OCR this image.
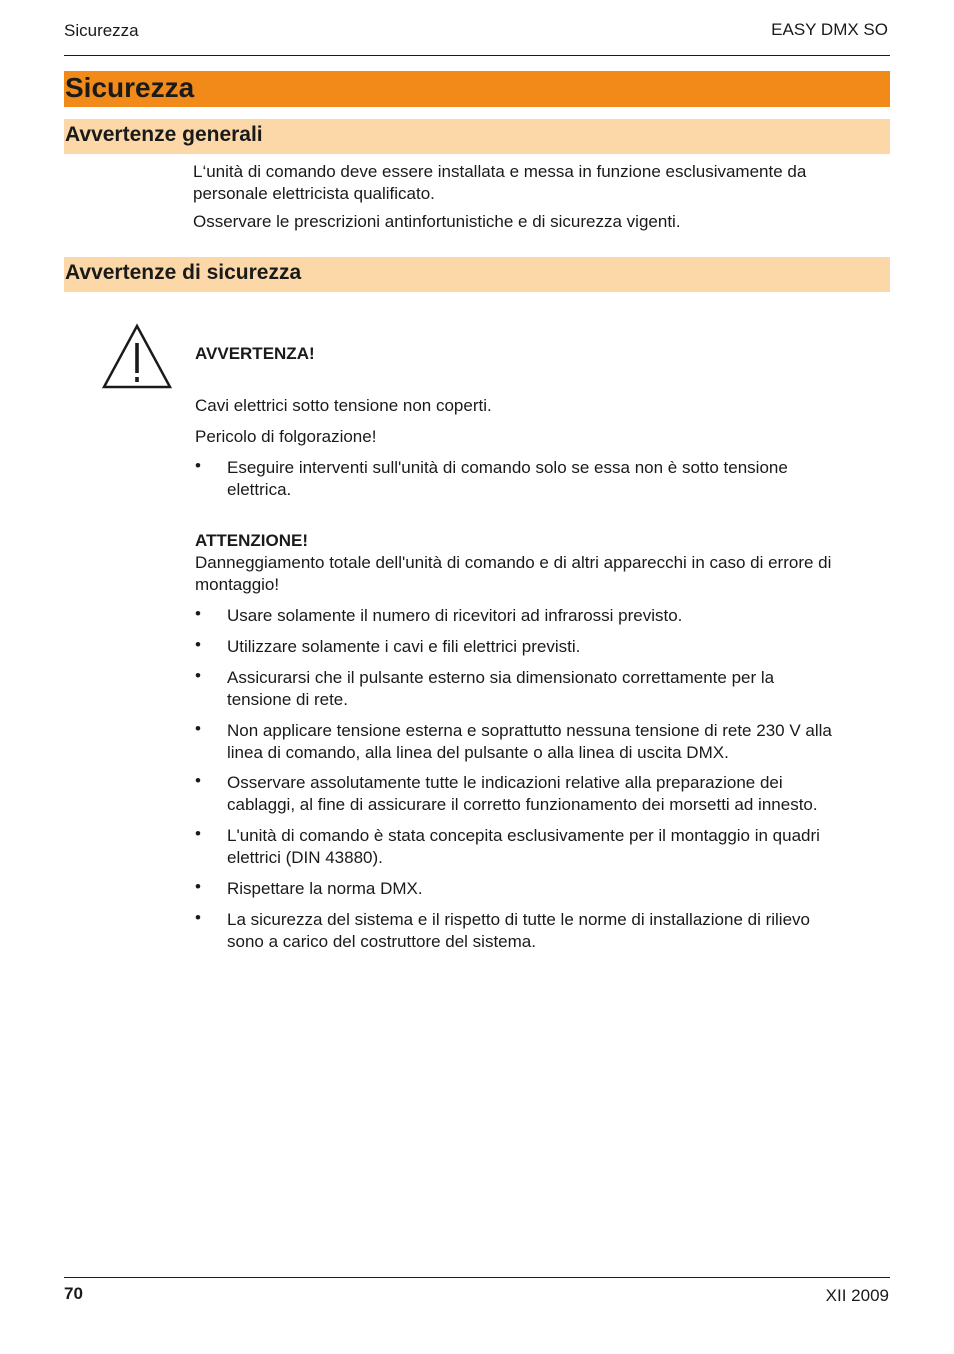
Sicurezza	EASY DMX SO
Sicurezza
Avvertenze generali
L‘unità di comando deve essere installata e messa in funzione esclusivamente da
personale elettricista qualificato.
Osservare le prescrizioni antinfortunistiche e di sicurezza vigenti.
Avvertenze di sicurezza
AVVERTENZA!
Cavi elettrici sotto tensione non coperti.
Pericolo di folgorazione!
• Eseguire interventi sull'unità di comando solo se essa non è sotto tensione
elettrica.
ATTENZIONE!
Danneggiamento totale dell'unità di comando e di altri apparecchi in caso di errore di
montaggio!
• Usare solamente il numero di ricevitori ad infrarossi previsto.
• Utilizzare solamente i cavi e fili elettrici previsti.
• Assicurarsi che il pulsante esterno sia dimensionato correttamente per la
tensione di rete.
• Non applicare tensione esterna e soprattutto nessuna tensione di rete 230 V alla
linea di comando, alla linea del pulsante o alla linea di uscita DMX.
• Osservare assolutamente tutte le indicazioni relative alla preparazione dei
cablaggi, al fine di assicurare il corretto funzionamento dei morsetti ad innesto.
• L'unità di comando è stata concepita esclusivamente per il montaggio in quadri
elettrici (DIN 43880).
• Rispettare la norma DMX.
• La sicurezza del sistema e il rispetto di tutte le norme di installazione di rilievo
sono a carico del costruttore del sistema.
70	XII 2009
